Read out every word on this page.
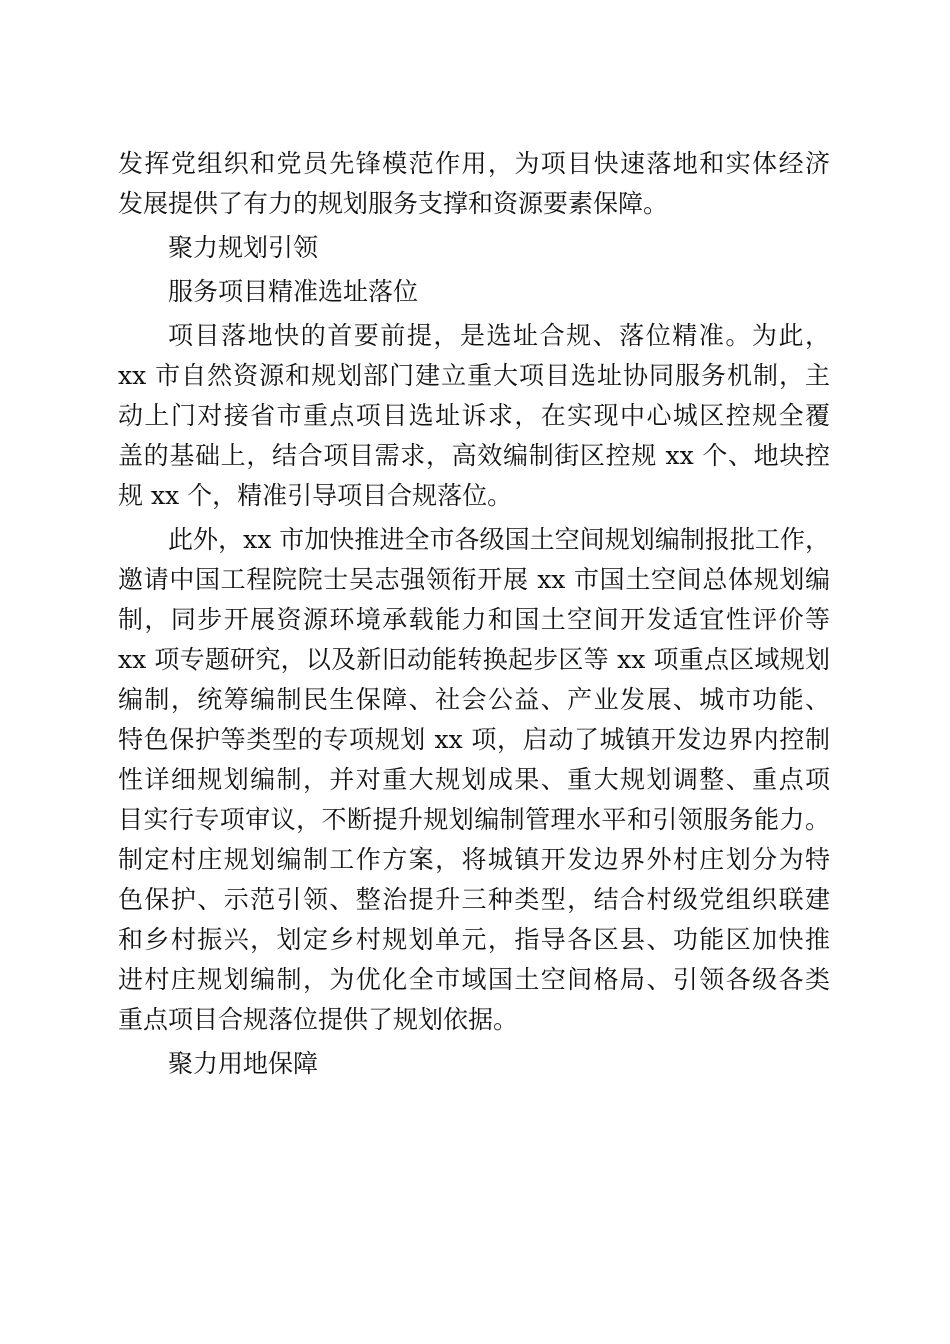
发挥党组织和党员先锋模范作用，为项目快速落地和实体经济
发展提供了有力的规划服务支撑和资源要素保障。
聚力规划引领
服务项目精准选址落位
项目落地快的首要前提，是选址合规、落位精准。为此，
xx 市自然资源和规划部门建立重大项目选址协同服务机制，主
动上门对接省市重点项目选址诉求，在实现中心城区控规全覆
盖的基础上，结合项目需求，高效编制街区控规 xx 个、地块控
规 xx 个，精准引导项目合规落位。
此外，xx 市加快推进全市各级国土空间规划编制报批工作，
邀请中国工程院院士吴志强领衔开展 xx 市国土空间总体规划编
制，同步开展资源环境承载能力和国土空间开发适宜性评价等
xx 项专题研究，以及新旧动能转换起步区等 xx 项重点区域规划
编制，统筹编制民生保障、社会公益、产业发展、城市功能、
特色保护等类型的专项规划 xx 项，启动了城镇开发边界内控制
性详细规划编制，并对重大规划成果、重大规划调整、重点项
目实行专项审议，不断提升规划编制管理水平和引领服务能力。
制定村庄规划编制工作方案，将城镇开发边界外村庄划分为特
色保护、示范引领、整治提升三种类型，结合村级党组织联建
和乡村振兴，划定乡村规划单元，指导各区县、功能区加快推
进村庄规划编制，为优化全市域国土空间格局、引领各级各类
重点项目合规落位提供了规划依据。
聚力用地保障
